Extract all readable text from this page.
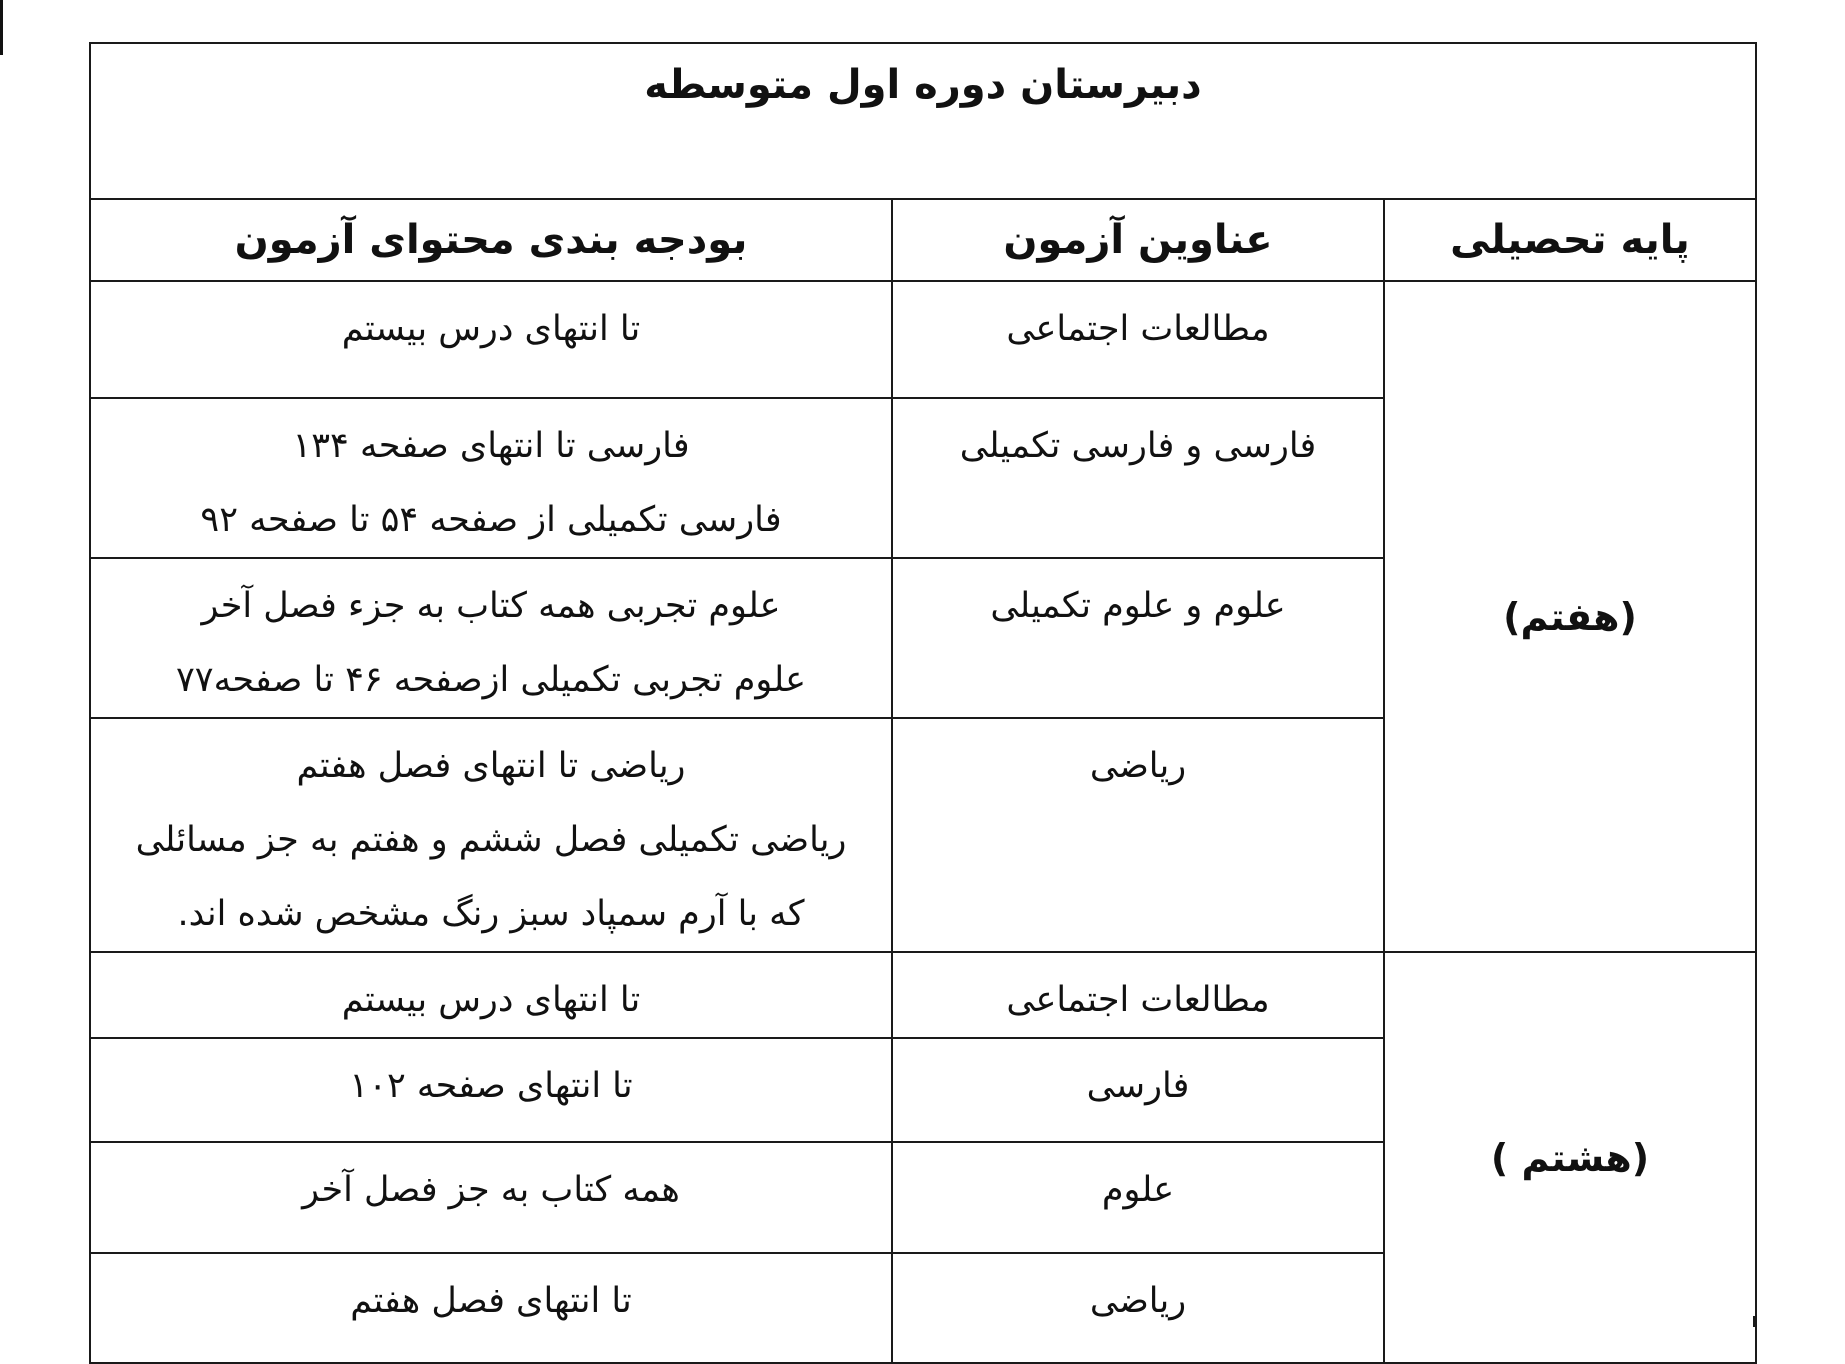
دبیرستان دوره اول متوسطه		
پایه تحصیلی	عناوین آزمون	بودجه بندی محتوای آزمون
(هفتم)	مطالعات اجتماعی	تا انتهای درس بیستم

	فارسی و فارسی تکمیلی	فارسی تا انتهای صفحه ۱۳۴
فارسی تکمیلی از صفحه ۵۴ تا صفحه ۹۲

	علوم و علوم تکمیلی	علوم تجربی همه کتاب به جزء فصل آخر
علوم تجربی تکمیلی ازصفحه ۴۶ تا صفحه۷۷

	ریاضی	ریاضی تا انتهای فصل هفتم
ریاضی تکمیلی فصل ششم و هفتم به جز مسائلی
که با آرم سمپاد سبز رنگ مشخص شده اند.

(هشتم )	مطالعات اجتماعی	تا انتهای درس بیستم

	فارسی	تا انتهای صفحه ۱۰۲

	علوم	همه کتاب به جز فصل آخر

	ریاضی	تا انتهای فصل هفتم
